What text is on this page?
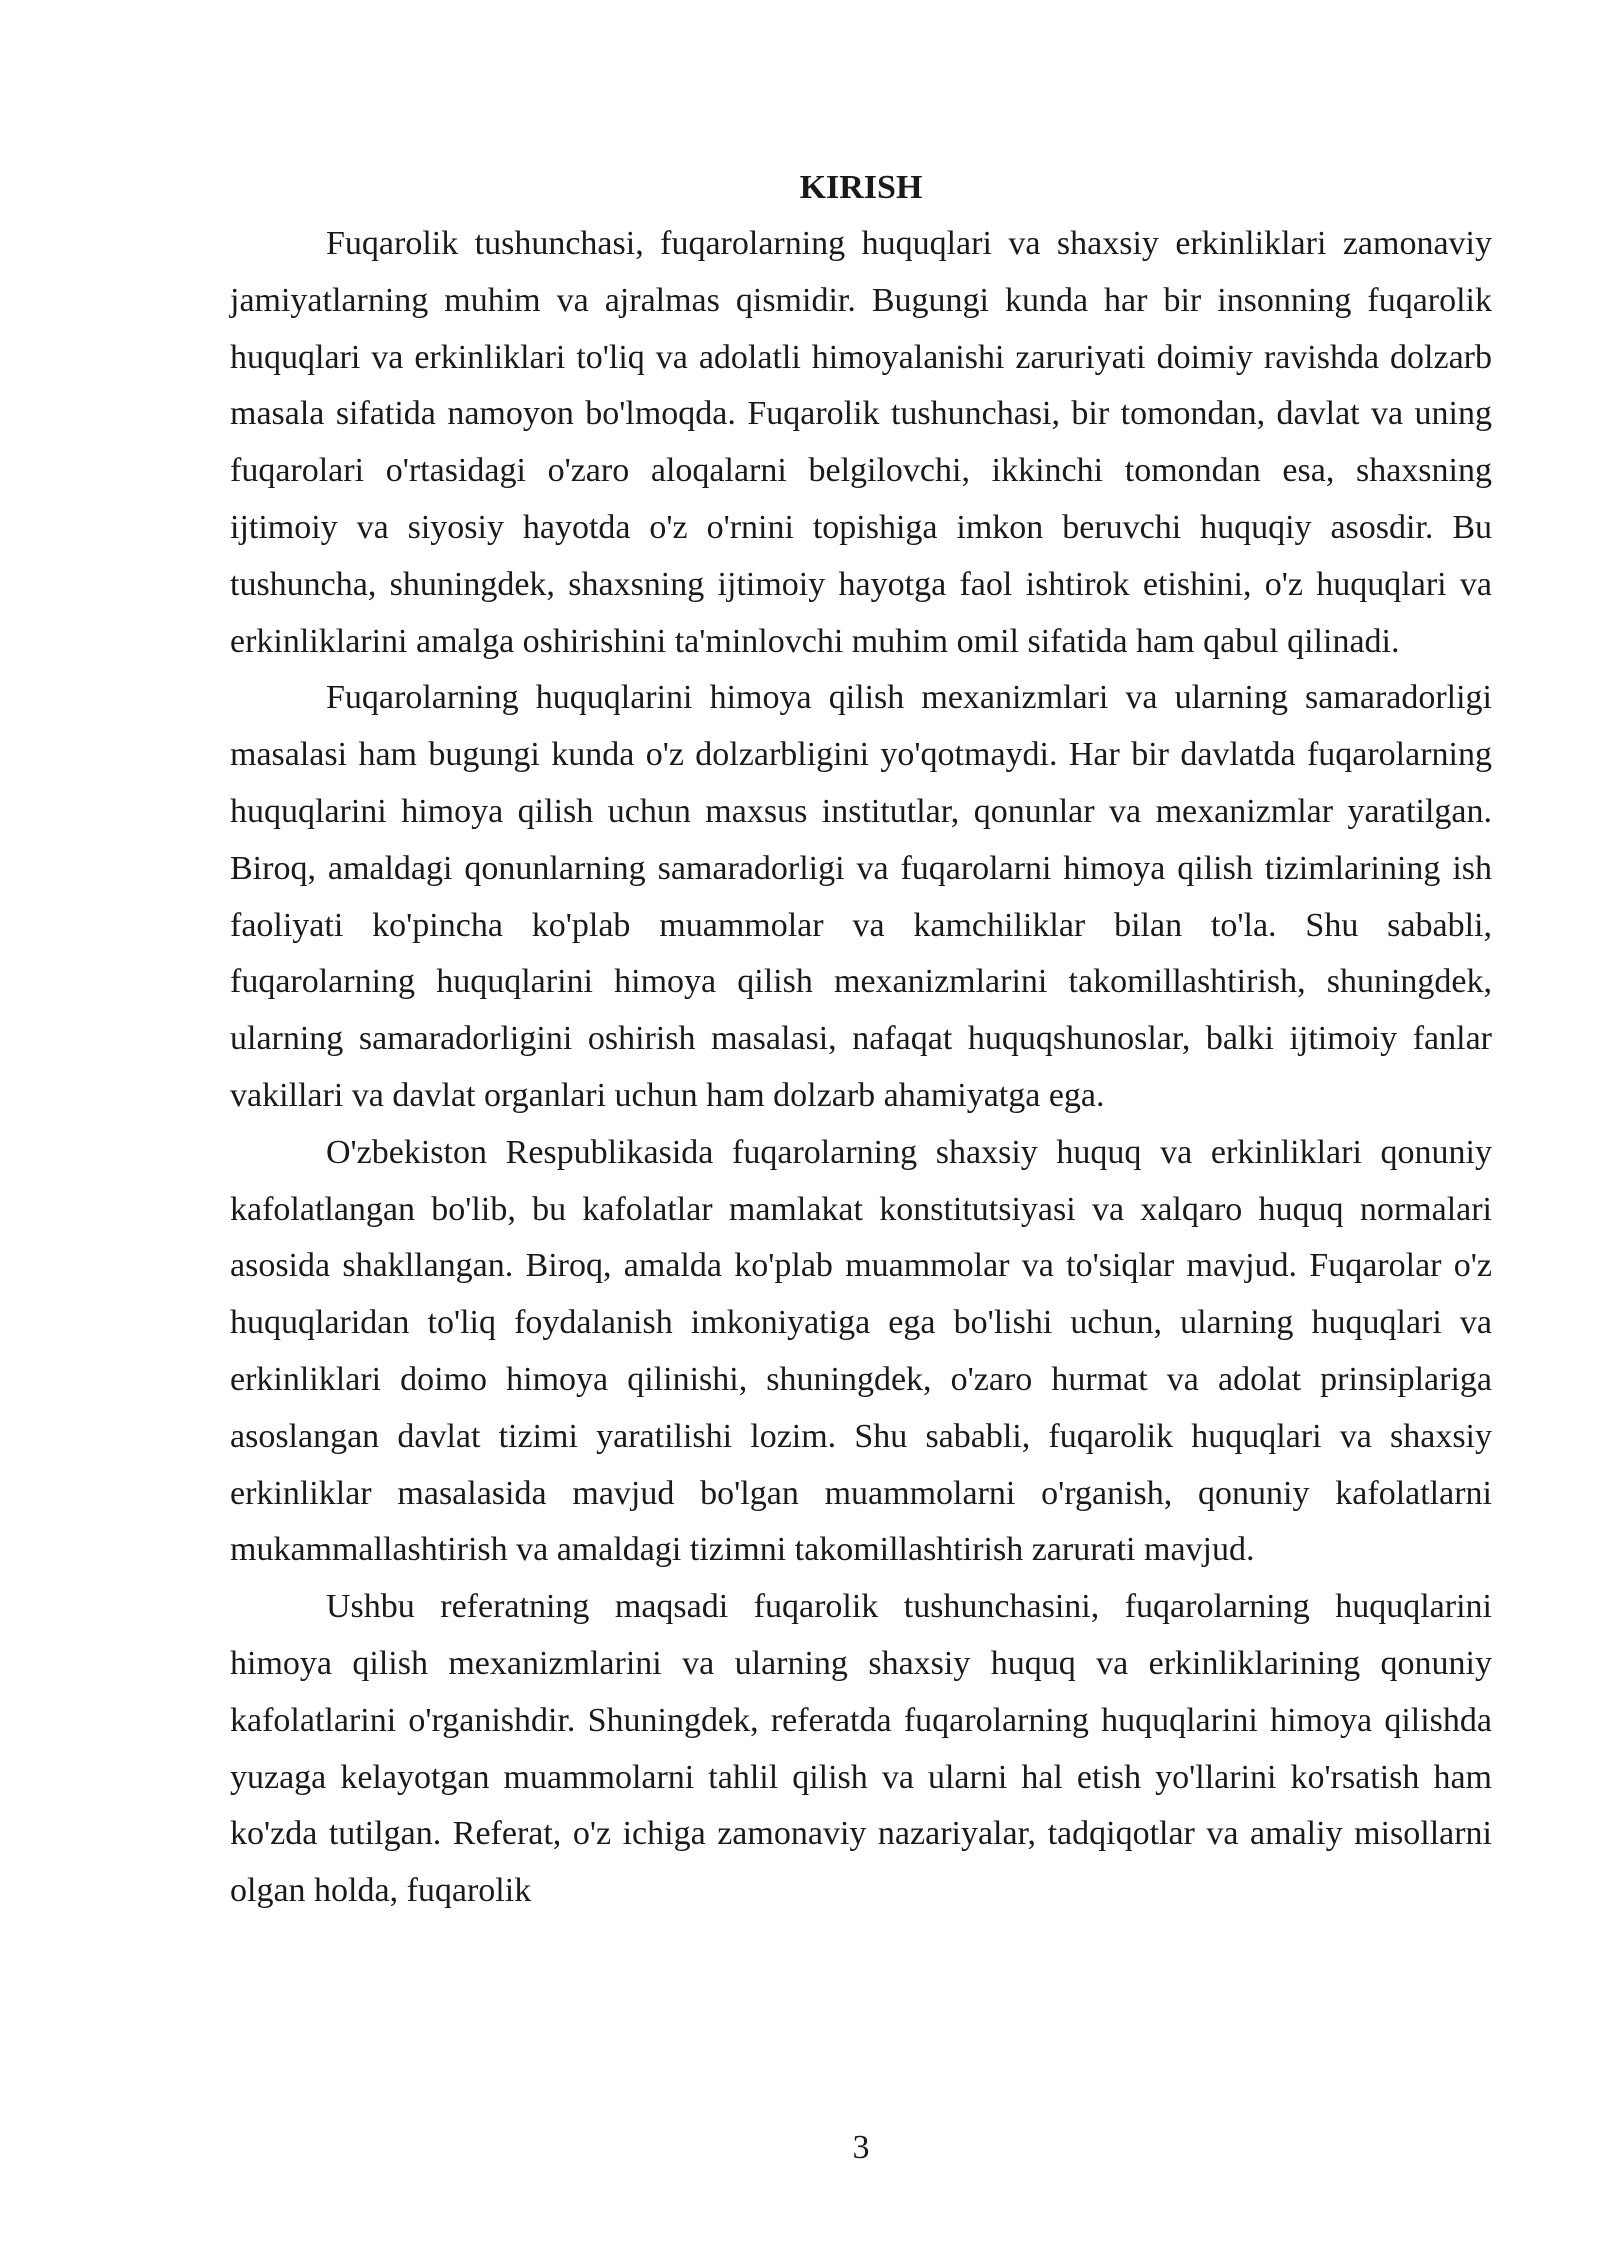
KIRISH

Fuqarolik tushunchasi, fuqarolarning huquqlari va shaxsiy erkinliklari zamonaviy jamiyatlarning muhim va ajralmas qismidir. Bugungi kunda har bir insonning fuqarolik huquqlari va erkinliklari to'liq va adolatli himoyalanishi zaruriyati doimiy ravishda dolzarb masala sifatida namoyon bo'lmoqda. Fuqarolik tushunchasi, bir tomondan, davlat va uning fuqarolari o'rtasidagi o'zaro aloqalarni belgilovchi, ikkinchi tomondan esa, shaxsning ijtimoiy va siyosiy hayotda o'z o'rnini topishiga imkon beruvchi huquqiy asosdir. Bu tushuncha, shuningdek, shaxsning ijtimoiy hayotga faol ishtirok etishini, o'z huquqlari va erkinliklarini amalga oshirishini ta'minlovchi muhim omil sifatida ham qabul qilinadi.

Fuqarolarning huquqlarini himoya qilish mexanizmlari va ularning samaradorligi masalasi ham bugungi kunda o'z dolzarbligini yo'qotmaydi. Har bir davlatda fuqarolarning huquqlarini himoya qilish uchun maxsus institutlar, qonunlar va mexanizmlar yaratilgan. Biroq, amaldagi qonunlarning samaradorligi va fuqarolarni himoya qilish tizimlarining ish faoliyati ko'pincha ko'plab muammolar va kamchiliklar bilan to'la. Shu sababli, fuqarolarning huquqlarini himoya qilish mexanizmlarini takomillashtirish, shuningdek, ularning samaradorligini oshirish masalasi, nafaqat huquqshunoslar, balki ijtimoiy fanlar vakillari va davlat organlari uchun ham dolzarb ahamiyatga ega.

O'zbekiston Respublikasida fuqarolarning shaxsiy huquq va erkinliklari qonuniy kafolatlangan bo'lib, bu kafolatlar mamlakat konstitutsiyasi va xalqaro huquq normalari asosida shakllangan. Biroq, amalda ko'plab muammolar va to'siqlar mavjud. Fuqarolar o'z huquqlaridan to'liq foydalanish imkoniyatiga ega bo'lishi uchun, ularning huquqlari va erkinliklari doimo himoya qilinishi, shuningdek, o'zaro hurmat va adolat prinsiplariga asoslangan davlat tizimi yaratilishi lozim. Shu sababli, fuqarolik huquqlari va shaxsiy erkinliklar masalasida mavjud bo'lgan muammolarni o'rganish, qonuniy kafolatlarni mukammallashtirish va amaldagi tizimni takomillashtirish zarurati mavjud.

Ushbu referatning maqsadi fuqarolik tushunchasini, fuqarolarning huquqlarini himoya qilish mexanizmlarini va ularning shaxsiy huquq va erkinliklarining qonuniy kafolatlarini o'rganishdir. Shuningdek, referatda fuqarolarning huquqlarini himoya qilishda yuzaga kelayotgan muammolarni tahlil qilish va ularni hal etish yo'llarini ko'rsatish ham ko'zda tutilgan. Referat, o'z ichiga zamonaviy nazariyalar, tadqiqotlar va amaliy misollarni olgan holda, fuqarolik

3
